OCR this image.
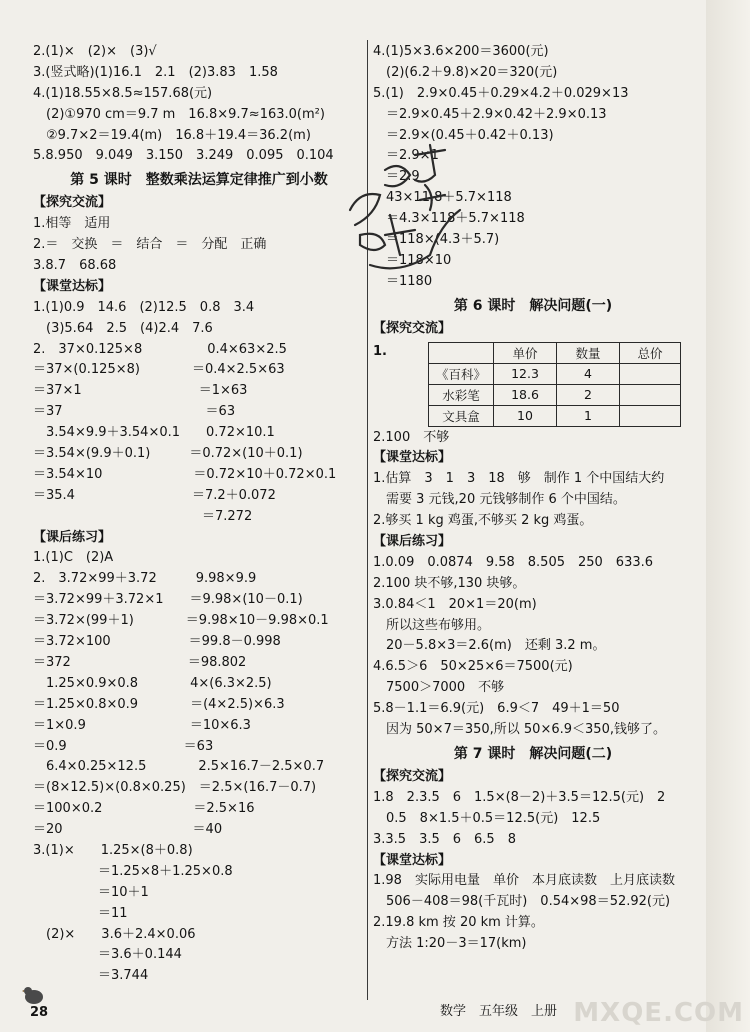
2.(1)×　(2)×　(3)√
3.(竖式略)(1)16.1　2.1　(2)3.83　1.58
4.(1)18.55×8.5≈157.68(元)
　(2)①970 cm＝9.7 m　16.8×9.7≈163.0(m²)
　②9.7×2＝19.4(m)　16.8＋19.4＝36.2(m)
5.8.950　9.049　3.150　3.249　0.095　0.104
第 5 课时　整数乘法运算定律推广到小数
【探究交流】
1.相等　适用
2.＝　交换　＝　结合　＝　分配　正确
3.8.7　68.68
【课堂达标】
1.(1)0.9　14.6　(2)12.5　0.8　3.4
　(3)5.64　2.5　(4)2.4　7.6
2.　37×0.125×8　　　　　0.4×63×2.5
＝37×(0.125×8)　　　　＝0.4×2.5×63
＝37×1　　　　　　　　　＝1×63
＝37　　　　　　　　　　　＝63
　3.54×9.9＋3.54×0.1　　0.72×10.1
＝3.54×(9.9＋0.1)　　　＝0.72×(10＋0.1)
＝3.54×10　　　　　　　＝0.72×10＋0.72×0.1
＝35.4　　　　　　　　　＝7.2＋0.072
　　　　　　　　　　　　　＝7.272
【课后练习】
1.(1)C　(2)A
2.　3.72×99＋3.72　　　9.98×9.9
＝3.72×99＋3.72×1　　＝9.98×(10－0.1)
＝3.72×(99＋1)　　　　＝9.98×10－9.98×0.1
＝3.72×100　　　　　　＝99.8－0.998
＝372　　　　　　　　　＝98.802
　1.25×0.9×0.8　　　　4×(6.3×2.5)
＝1.25×0.8×0.9　　　　＝(4×2.5)×6.3
＝1×0.9　　　　　　　　＝10×6.3
＝0.9　　　　　　　　　＝63
　6.4×0.25×12.5　　　　2.5×16.7－2.5×0.7
＝(8×12.5)×(0.8×0.25)　＝2.5×(16.7－0.7)
＝100×0.2　　　　　　　＝2.5×16
＝20　　　　　　　　　　＝40
3.(1)×　　1.25×(8＋0.8)
　　　　　＝1.25×8＋1.25×0.8
　　　　　＝10＋1
　　　　　＝11
　(2)×　　3.6＋2.4×0.06
　　　　　＝3.6＋0.144
　　　　　＝3.744
4.(1)5×3.6×200＝3600(元)
　(2)(6.2＋9.8)×20＝320(元)
5.(1)　2.9×0.45＋0.29×4.2＋0.029×13
　＝2.9×0.45＋2.9×0.42＋2.9×0.13
　＝2.9×(0.45＋0.42＋0.13)
　＝2.9×1
　＝2.9
　43×11.8＋5.7×118
　＝4.3×118＋5.7×118
　＝118×(4.3＋5.7)
　＝118×10
　＝1180
第 6 课时　解决问题(一)
【探究交流】
1.
		单价	数量	总价
《百科》	12.3	4	
水彩笔	18.6	2	
文具盒	10	1	
2.100　不够
【课堂达标】
1.估算　3　1　3　18　够　制作 1 个中国结大约
　需要 3 元钱,20 元钱够制作 6 个中国结。
2.够买 1 kg 鸡蛋,不够买 2 kg 鸡蛋。
【课后练习】
1.0.09　0.0874　9.58　8.505　250　633.6
2.100 块不够,130 块够。
3.0.84＜1　20×1＝20(m)
　所以这些布够用。
　20－5.8×3＝2.6(m)　还剩 3.2 m。
4.6.5＞6　50×25×6＝7500(元)
　7500＞7000　不够
5.8－1.1＝6.9(元)　6.9＜7　49＋1＝50
　因为 50×7＝350,所以 50×6.9＜350,钱够了。
第 7 课时　解决问题(二)
【探究交流】
1.8　2.3.5　6　1.5×(8－2)＋3.5＝12.5(元)　2
　0.5　8×1.5＋0.5＝12.5(元)　12.5
3.3.5　3.5　6　6.5　8
【课堂达标】
1.98　实际用电量　单价　本月底读数　上月底读数
　506－408＝98(千瓦时)　0.54×98＝52.92(元)
2.19.8 km 按 20 km 计算。
　方法 1:20－3＝17(km)
28	数学　五年级　上册 MXQE.COM
